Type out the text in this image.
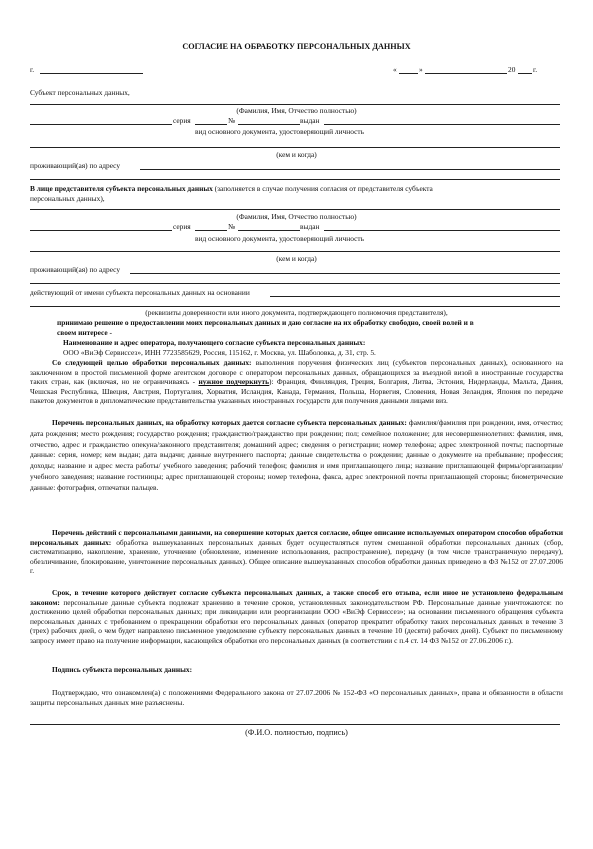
СОГЛАСИЕ НА ОБРАБОТКУ ПЕРСОНАЛЬНЫХ ДАННЫХ
г.	«	»	20 г.
Субъект персональных данных,
(Фамилия, Имя, Отчество полностью)
серия	№	выдан
вид основного документа, удостоверяющий личность
(кем и когда)
проживающий(ая) по адресу
В лице представителя субъекта персональных данных (заполняется в случае получения согласия от представителя субъекта
персональных данных),
(Фамилия, Имя, Отчество полностью)
серия	№	выдан
вид основного документа, удостоверяющий личность
(кем и когда)
проживающий(ая) по адресу
действующий от имени субъекта персональных данных на основании
(реквизиты доверенности или иного документа, подтверждающего полномочия представителя),
принимаю решение о предоставлении моих персональных данных и даю согласие на их обработку свободно, своей волей и в
своем интересе -
Наименование и адрес оператора, получающего согласие субъекта персональных данных:
ООО «ВиЭф Сервиссез», ИНН 7723585629, Россия, 115162, г. Москва, ул. Шаболовка, д. 31, стр. 5.
Со следующей целью обработки персональных данных: выполнения поручения физических лиц (субъектов персональных данных), основанного на заключенном в простой письменной форме агентском договоре с оператором персональных данных, обращающихся за въездной визой в иностранные государства таких стран, как (включая, но не ограничиваясь - нужное подчеркнуть): Франция, Финляндия, Греция, Болгария, Литва, Эстония, Нидерланды, Мальта, Дания, Чешская Республика, Швеция, Австрия, Португалия, Хорватия, Исландия, Канада, Германия, Польша, Норвегия, Словения, Новая Зеландия, Япония по передаче пакетов документов в дипломатические представительства указанных иностранных государств для получения данными лицами виз.
Перечень персональных данных, на обработку которых дается согласие субъекта персональных данных: фамилия/фамилия при рождении, имя, отчество; дата рождения; место рождения; государство рождения; гражданство/гражданство при рождении; пол; семейное положение; для несовершеннолетних: фамилия, имя, отчество, адрес и гражданство опекуна/законного представителя; домашний адрес; сведения о регистрации; номер телефона; адрес электронной почты; паспортные данные: серия, номер; кем выдан; дата выдачи; данные внутреннего паспорта; данные свидетельства о рождении; данные о документе на пребывание; профессия; доходы; название и адрес места работы/ учебного заведения; рабочий телефон; фамилия и имя приглашающего лица; название приглашающей фирмы/организации/учебного заведения; название гостиницы; адрес приглашающей стороны; номер телефона, факса, адрес электронной почты приглашающей стороны; биометрические данные: фотография, отпечатки пальцев.
Перечень действий с персональными данными, на совершение которых дается согласие, общее описание используемых оператором способов обработки персональных данных: обработка вышеуказанных персональных данных будет осуществляться путем смешанной обработки персональных данных (сбор, систематизацию, накопление, хранение, уточнение (обновление, изменение использования, распространение), передачу (в том числе трансграничную передачу), обезличивание, блокирование, уничтожение персональных данных). Общее описание вышеуказанных способов обработки данных приведено в ФЗ №152 от 27.07.2006 г.
Срок, в течение которого действует согласие субъекта персональных данных, а также способ его отзыва, если иное не установлено федеральным законом: персональные данные субъекта подлежат хранению в течение сроков, установленных законодательством РФ. Персональные данные уничтожаются: по достижению целей обработки персональных данных; при ликвидации или реорганизации ООО «ВиЭф Сервиссез»; на основании письменного обращения субъекта персональных данных с требованием о прекращении обработки его персональных данных (оператор прекратит обработку таких персональных данных в течение 3 (трех) рабочих дней, о чем будет направлено письменное уведомление субъекту персональных данных в течение 10 (десяти) рабочих дней). Субъект по письменному запросу имеет право на получение информации, касающейся обработки его персональных данных (в соответствии с п.4 ст. 14 ФЗ №152 от 27.06.2006 г.).
Подпись субъекта персональных данных:
Подтверждаю, что ознакомлен(а) с положениями Федерального закона от 27.07.2006 № 152-ФЗ «О персональных данных», права и обязанности в области защиты персональных данных мне разъяснены.
(Ф.И.О. полностью, подпись)
